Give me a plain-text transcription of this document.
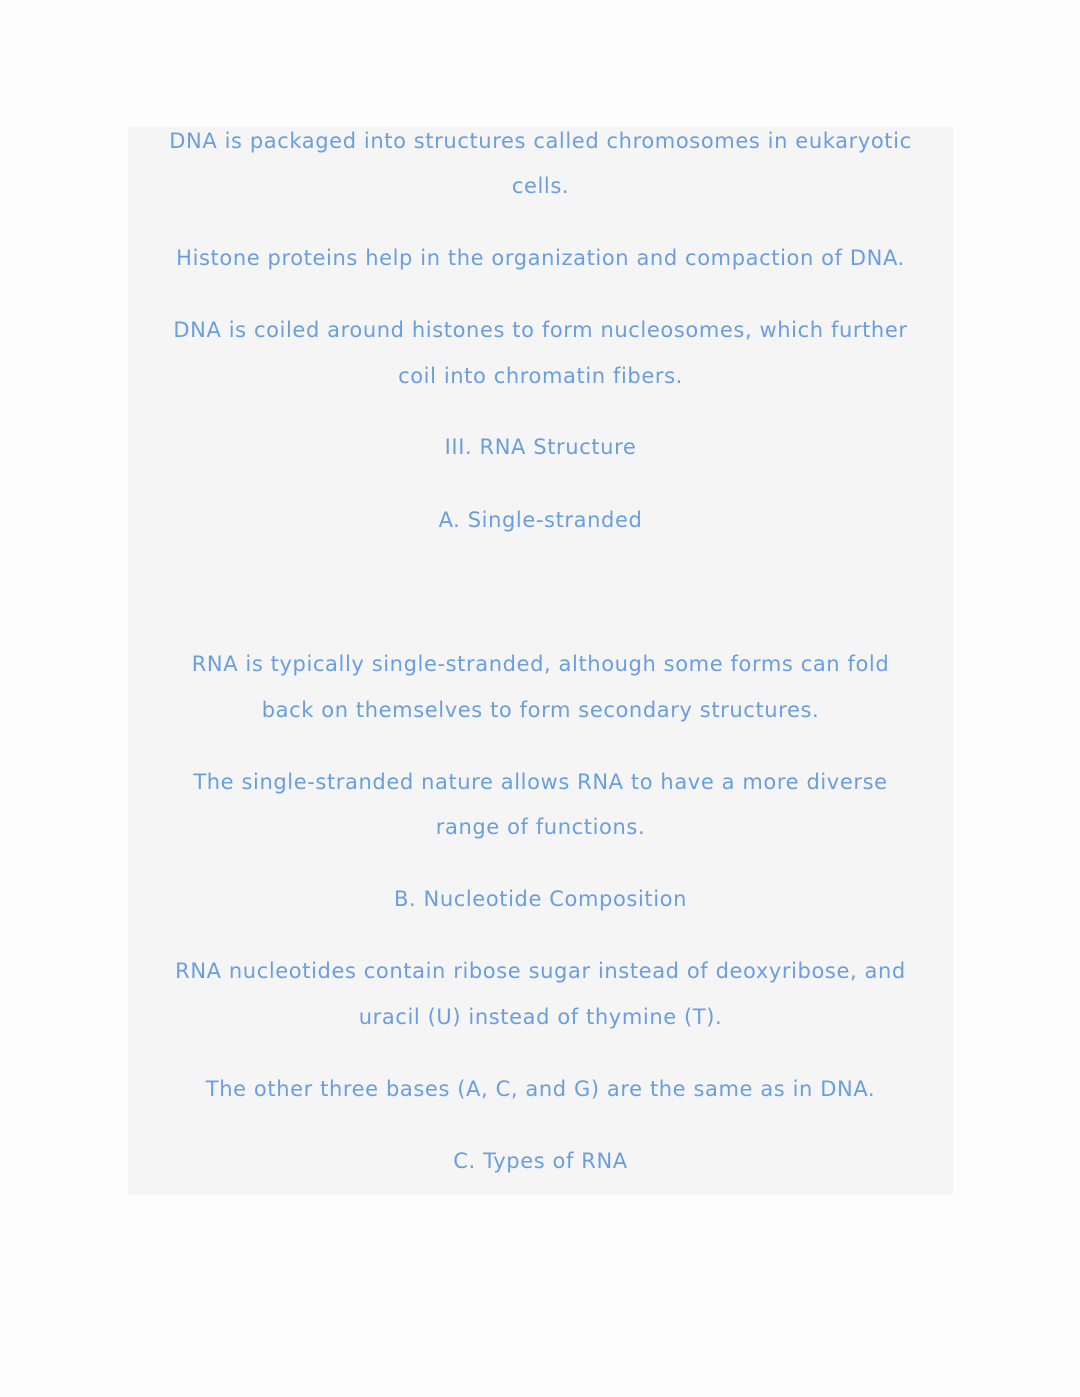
DNA is packaged into structures called chromosomes in eukaryotic
cells.
Histone proteins help in the organization and compaction of DNA.
DNA is coiled around histones to form nucleosomes, which further
coil into chromatin fibers.
III. RNA Structure
A. Single-stranded
RNA is typically single-stranded, although some forms can fold
back on themselves to form secondary structures.
The single-stranded nature allows RNA to have a more diverse
range of functions.
B. Nucleotide Composition
RNA nucleotides contain ribose sugar instead of deoxyribose, and
uracil (U) instead of thymine (T).
The other three bases (A, C, and G) are the same as in DNA.
C. Types of RNA
